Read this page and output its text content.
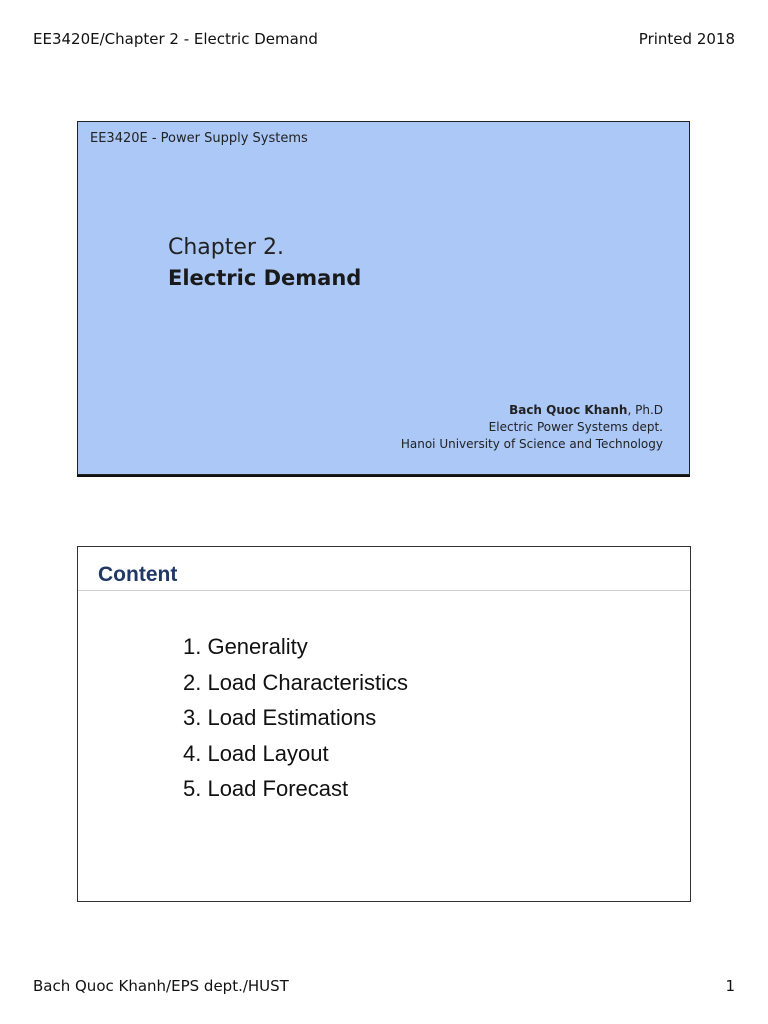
EE3420E/Chapter 2 - Electric Demand	Printed 2018
EE3420E - Power Supply Systems
Chapter 2.
Electric Demand
Bach Quoc Khanh, Ph.D
Electric Power Systems dept.
Hanoi University of Science and Technology
Content
1. Generality
2. Load Characteristics
3. Load Estimations
4. Load Layout
5. Load Forecast
Bach Quoc Khanh/EPS dept./HUST	1
